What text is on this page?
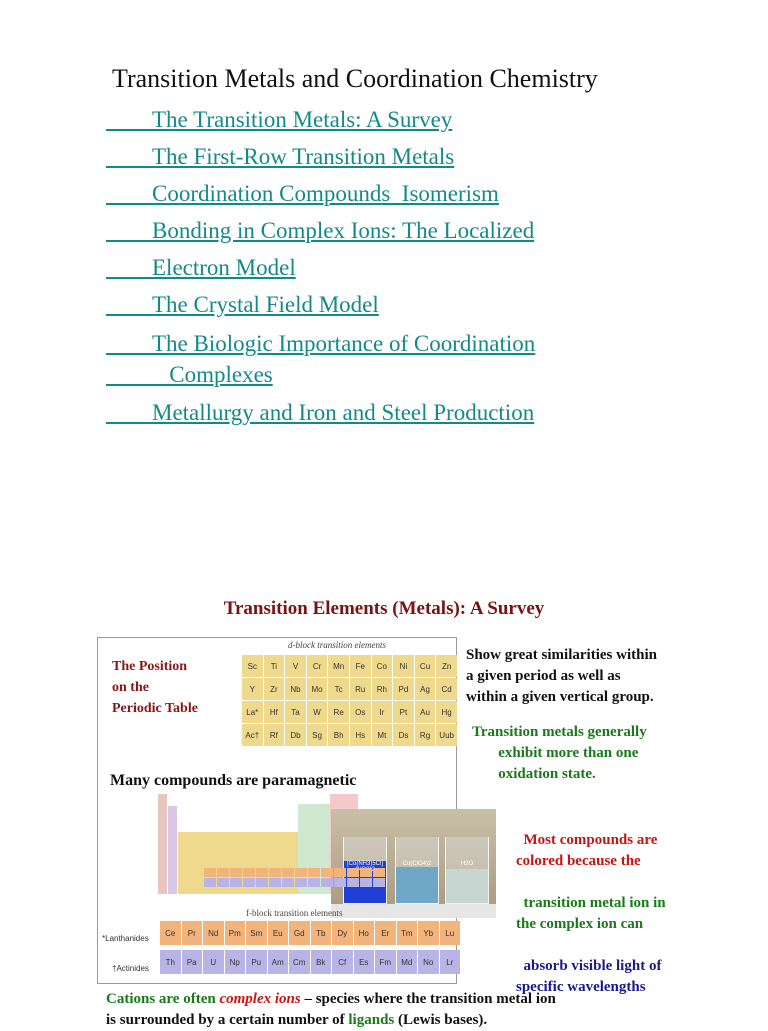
Transition Metals and Coordination Chemistry
The Transition Metals: A Survey
The First-Row Transition Metals
Coordination Compounds  Isomerism
Bonding in Complex Ions: The Localized
Electron Model
The Crystal Field Model
The Biologic Importance of Coordination
Complexes
Metallurgy and Iron and Steel Production
Transition Elements (Metals): A Survey
The Position
on the
Periodic Table
d-block transition elements
Sc	Ti	V	Cr	Mn	Fe	Co	Ni	Cu	Zn
Y	Zr	Nb	Mo	Tc	Ru	Rh	Pd	Ag	Cd
La*	Hf	Ta	W	Re	Os	Ir	Pt	Au	Hg
Ac†	Rf	Db	Sg	Bh	Hs	Mt	Ds	Rg	Uub
Many compounds are paramagnetic
[Co(NH3)5Cl]	Cu(ClO4)2	H2O
f-block transition elements
*Lanthanides
†Actinides
Ce	Pr	Nd	Pm	Sm	Eu	Gd	Tb	Dy	Ho	Er	Tm	Yb	Lu
Th	Pa	U	Np	Pu	Am	Cm	Bk	Cf	Es	Fm	Md	No	Lr
Show great similarities within
a given period as well as
within a given vertical group.
Transition metals generally
exhibit more than one
oxidation state.

Most compounds are
colored because the

transition metal ion in
the complex ion can

absorb visible light of
specific wavelengths

Cations are often complex ions – species where the transition metal ion
is surrounded by a certain number of ligands (Lewis bases).
